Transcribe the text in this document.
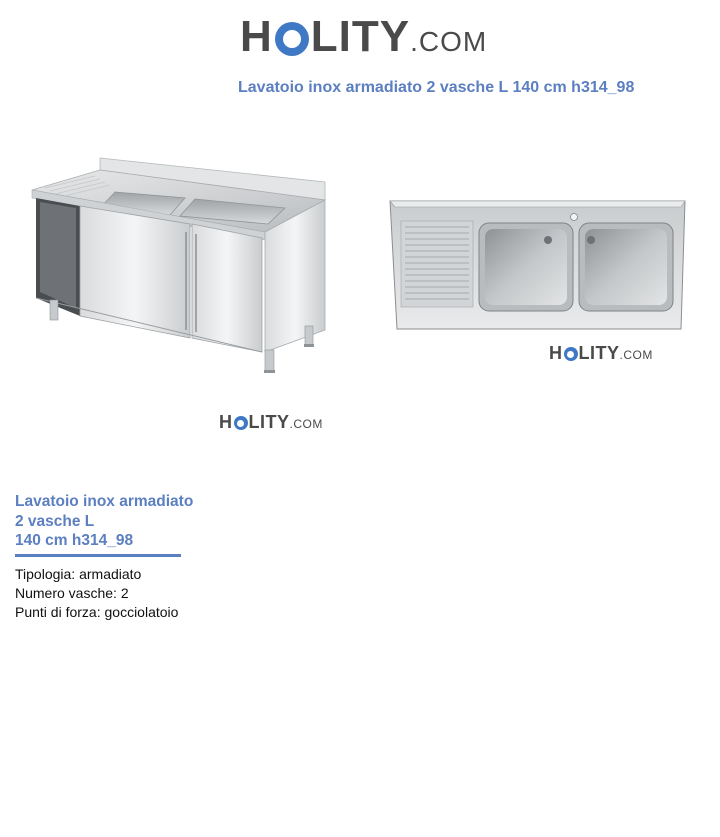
H LITY .COM
Lavatoio inox armadiato 2 vasche L 140 cm h314_98
H LITY .COM
H LITY .COM
Lavatoio inox armadiato
2 vasche L
140 cm h314_98
Tipologia: armadiato
Numero vasche: 2
Punti di forza: gocciolatoio
